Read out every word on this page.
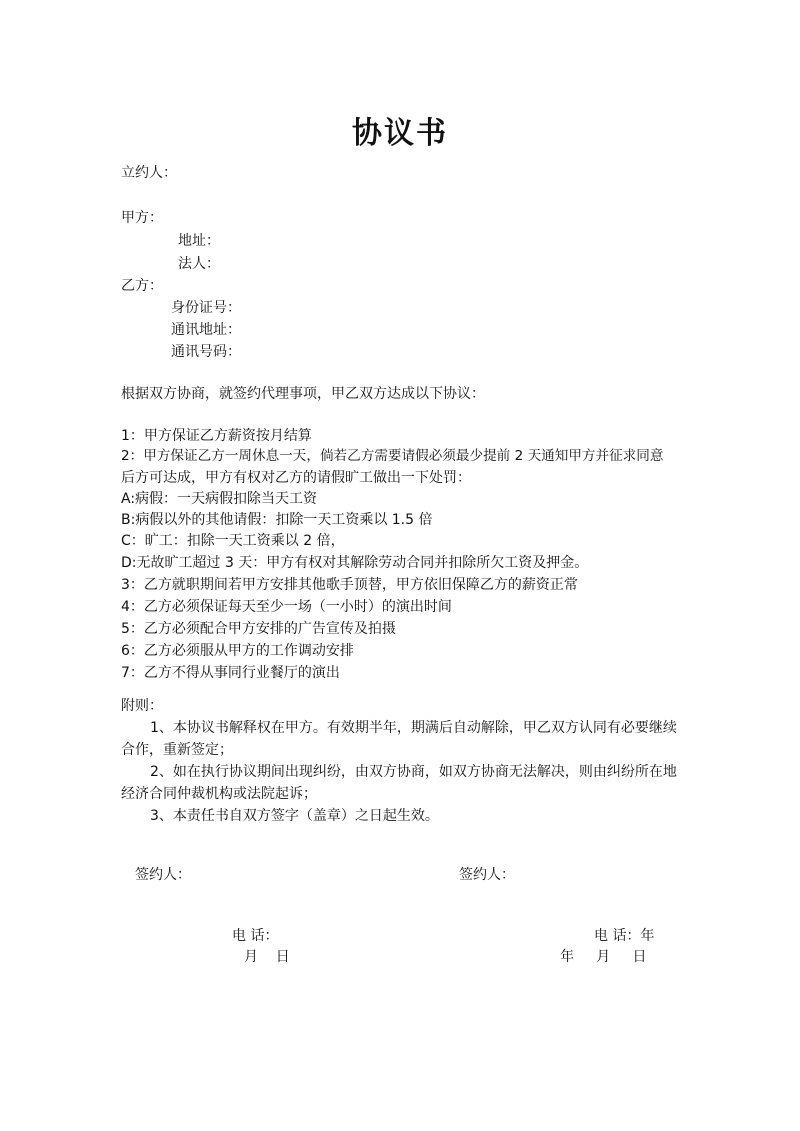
协议书
立约人：
甲方：
地址：
法人：
乙方：
身份证号：
通讯地址：
通讯号码：
根据双方协商，就签约代理事项，甲乙双方达成以下协议：
1：甲方保证乙方薪资按月结算
2：甲方保证乙方一周休息一天，倘若乙方需要请假必须最少提前 2 天通知甲方并征求同意
后方可达成，甲方有权对乙方的请假旷工做出一下处罚：
A:病假：一天病假扣除当天工资
B:病假以外的其他请假：扣除一天工资乘以 1.5 倍
C：旷工：扣除一天工资乘以 2 倍，
D:无故旷工超过 3 天：甲方有权对其解除劳动合同并扣除所欠工资及押金。
3：乙方就职期间若甲方安排其他歌手顶替，甲方依旧保障乙方的薪资正常
4：乙方必须保证每天至少一场（一小时）的演出时间
5：乙方必须配合甲方安排的广告宣传及拍摄
6：乙方必须服从甲方的工作调动安排
7：乙方不得从事同行业餐厅的演出
附则：
1、本协议书解释权在甲方。有效期半年，期满后自动解除，甲乙双方认同有必要继续
合作，重新签定；
2、如在执行协议期间出现纠纷，由双方协商，如双方协商无法解决，则由纠纷所在地
经济合同仲裁机构或法院起诉；
3、本责任书自双方签字（盖章）之日起生效。
签约人：	签约人：
电 话：	电 话：年
月    日	年     月     日
